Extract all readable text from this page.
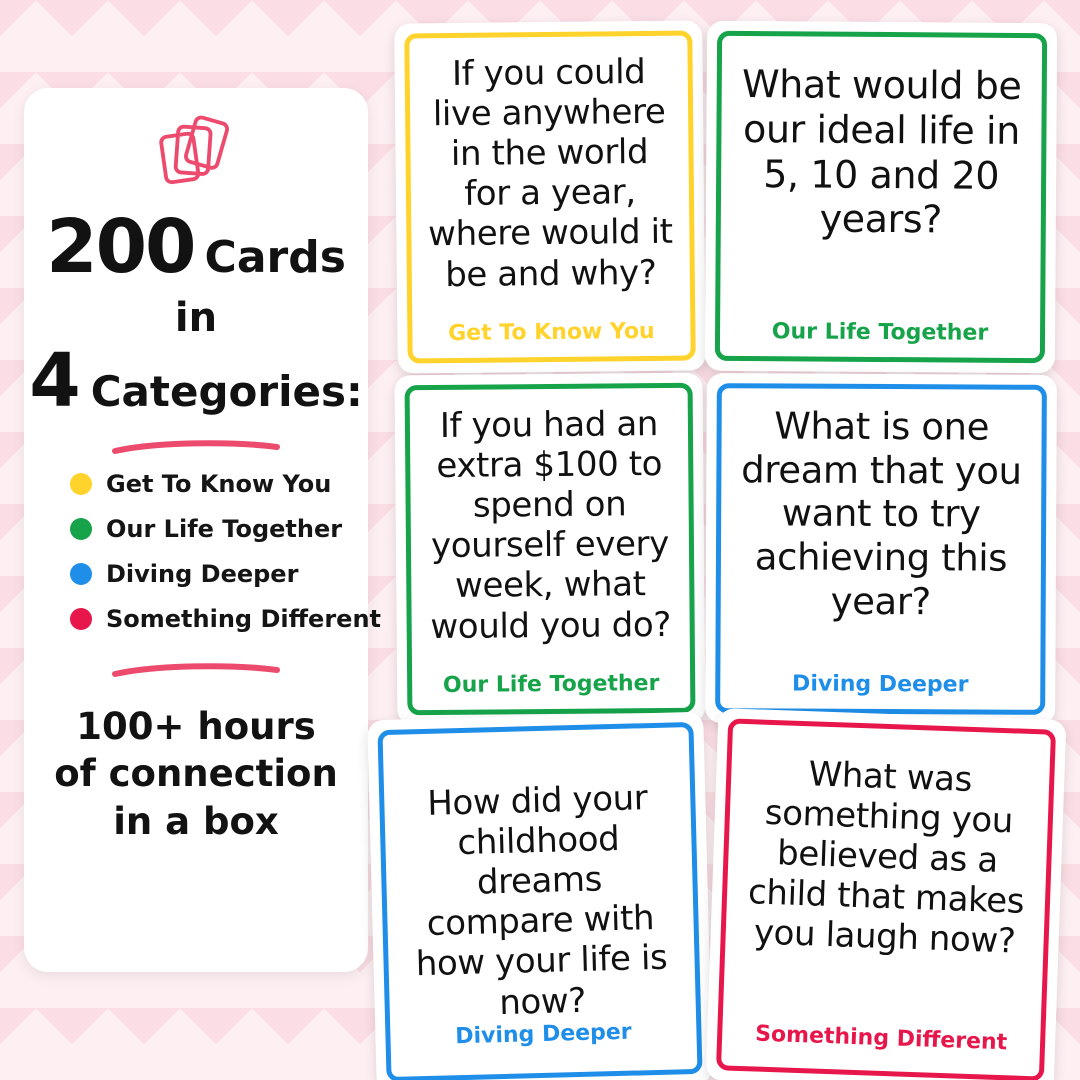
200 Cards
in
4 Categories:
Get To Know You
Our Life Together
Diving Deeper
Something Different
100+ hours
of connection
in a box
If you could live anywhere in the world for a year, where would it be and why?
Get To Know You
What would be our ideal life in 5, 10 and 20 years?
Our Life Together
If you had an extra $100 to spend on yourself every week, what would you do?
Our Life Together
What is one dream that you want to try achieving this year?
Diving Deeper
How did your childhood dreams compare with how your life is now?
Diving Deeper
What was something you believed as a child that makes you laugh now?
Something Different
